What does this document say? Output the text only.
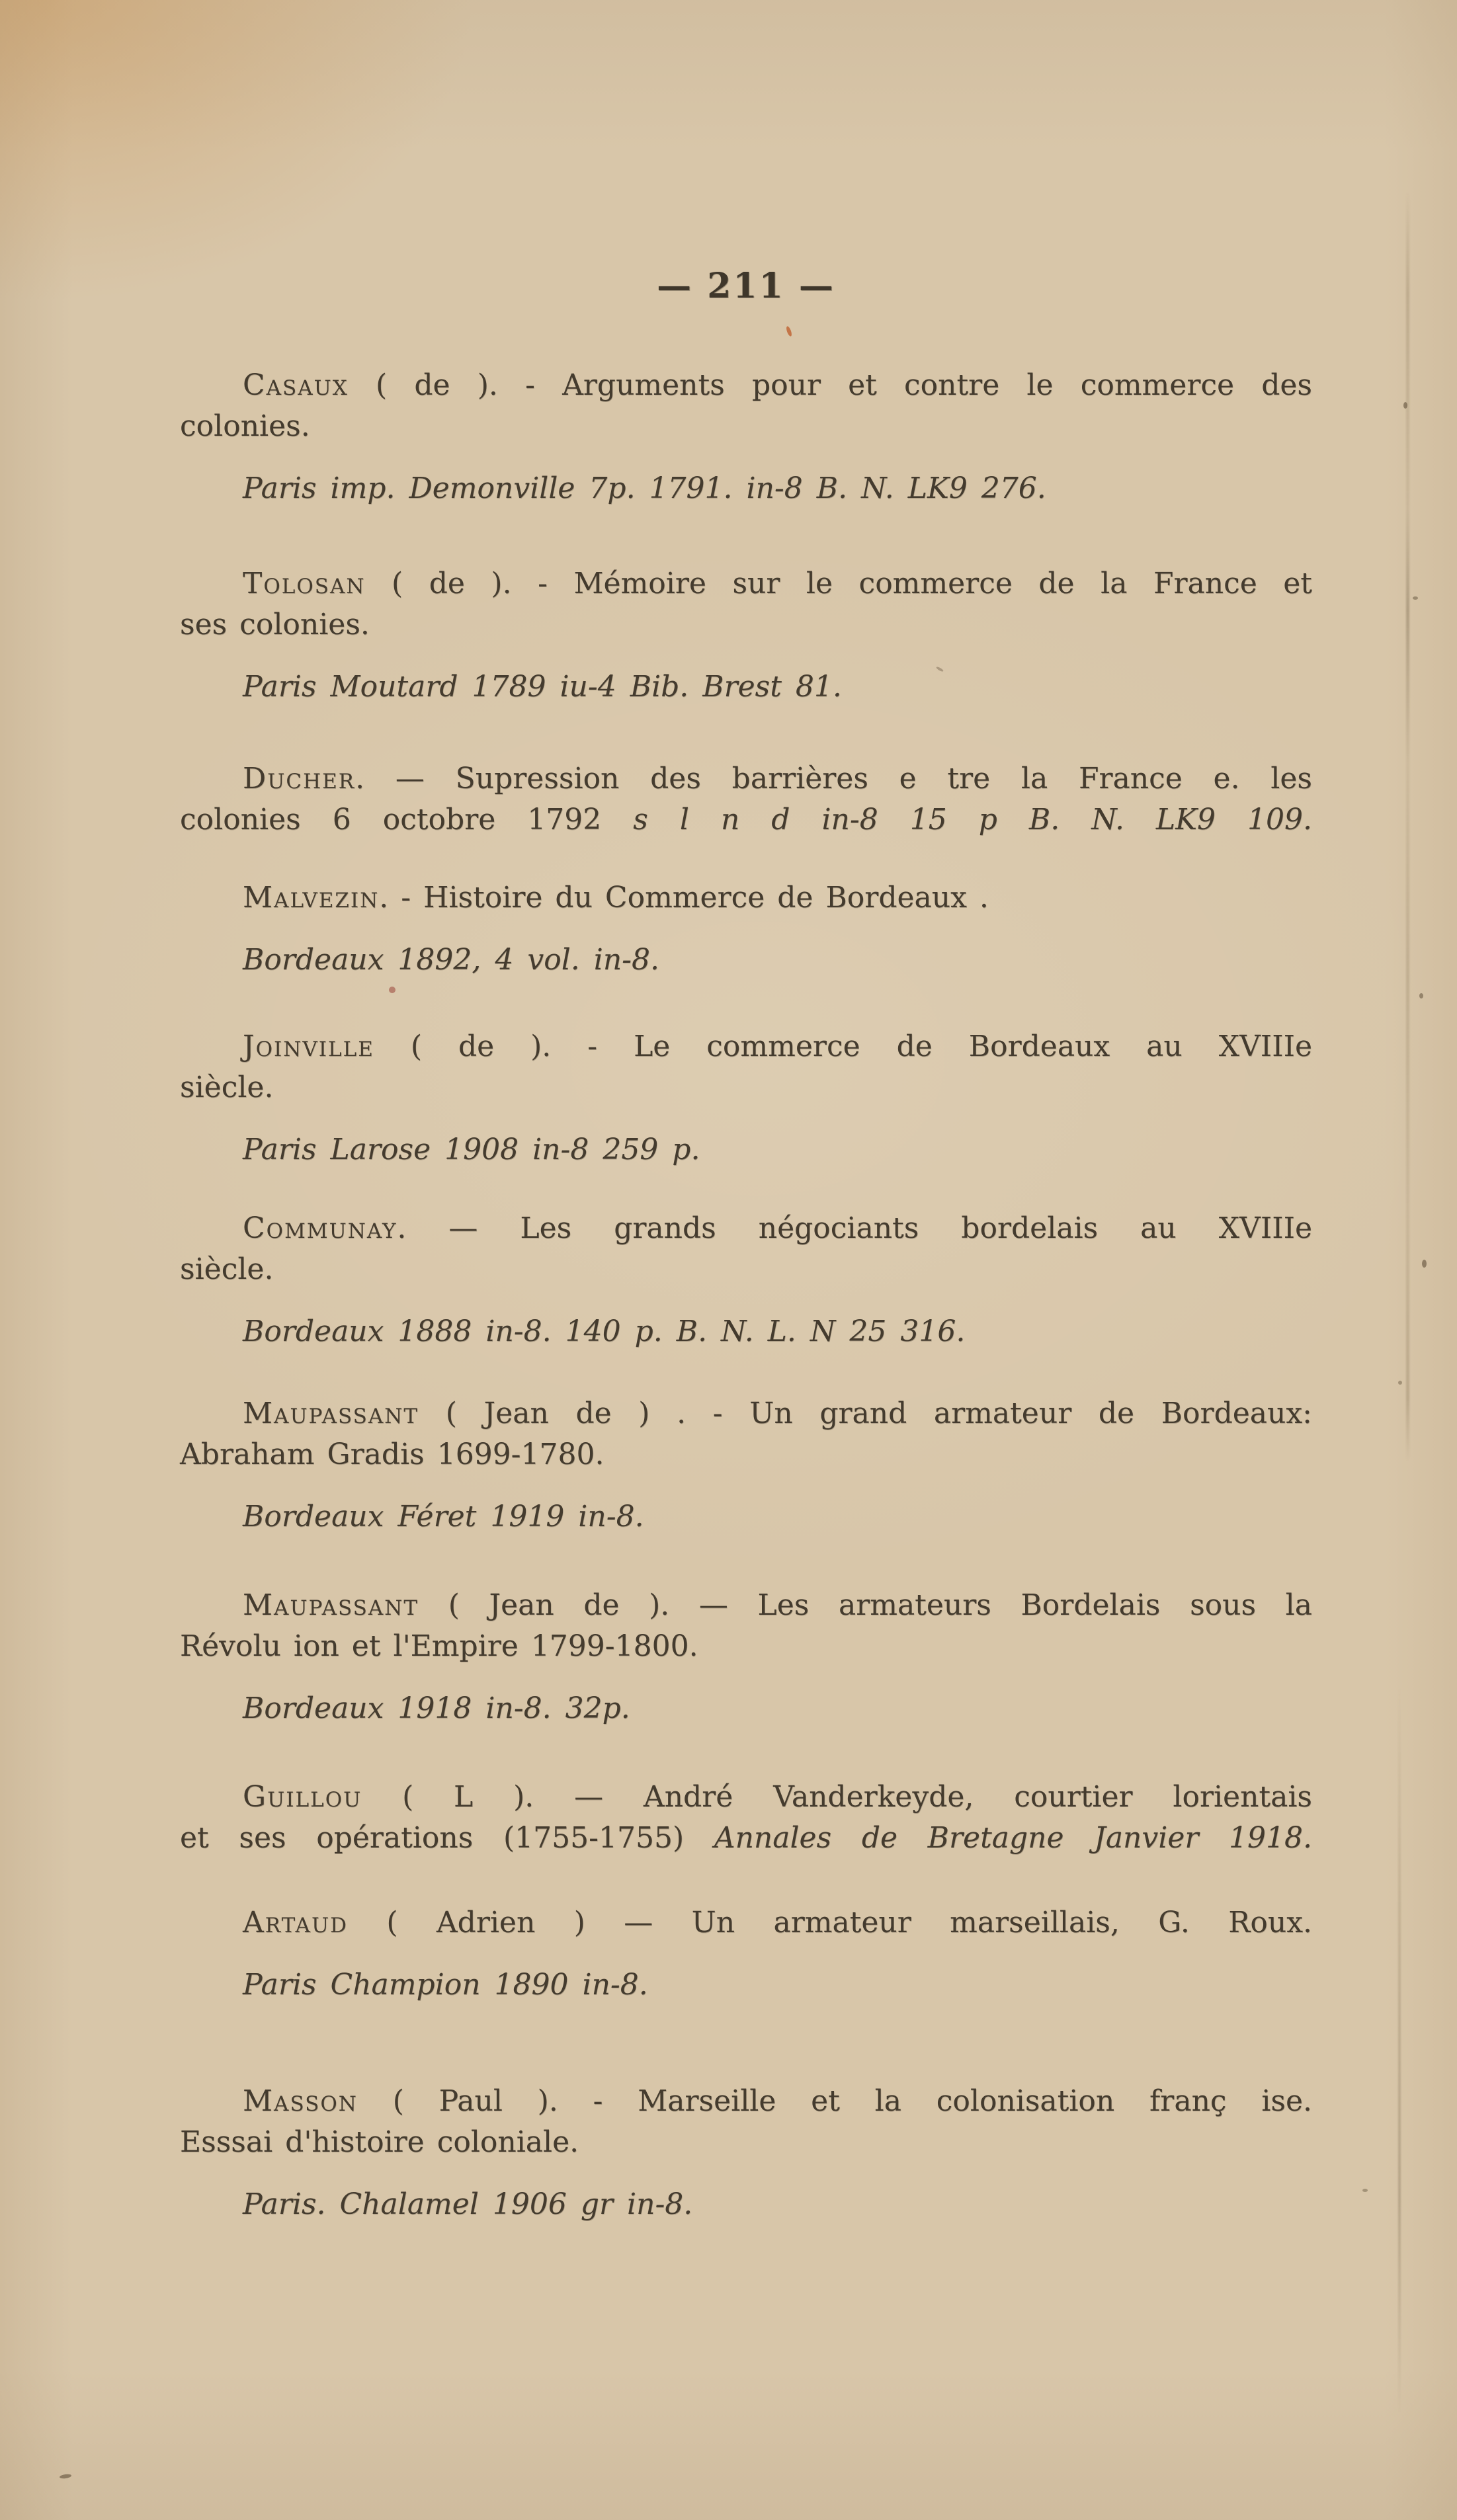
— 211 —
Casaux ( de ). - Arguments pour et contre le commerce des
colonies.
Paris imp. Demonville 7p. 1791. in-8 B. N. LK9 276.
Tolosan ( de ). - Mémoire sur le commerce de la France et
ses colonies.
Paris Moutard 1789 iu-4 Bib. Brest 81.
Ducher. — Supression des barrières e tre la France e. les
colonies 6 octobre 1792 s l n d in-8 15 p B. N. LK9 109.
Malvezin. - Histoire du Commerce de Bordeaux .
Bordeaux 1892, 4 vol. in-8.
Joinville ( de ). - Le commerce de Bordeaux au XVIIIe
siècle.
Paris Larose 1908 in-8 259 p.
Communay. — Les grands négociants bordelais au XVIIIe
siècle.
Bordeaux 1888 in-8. 140 p. B. N. L. N 25 316.
Maupassant ( Jean de ) . - Un grand armateur de Bordeaux:
Abraham Gradis 1699-1780.
Bordeaux Féret 1919 in-8.
Maupassant ( Jean de ). — Les armateurs Bordelais sous la
Révolu ion et l'Empire 1799-1800.
Bordeaux 1918 in-8. 32p.
Guillou ( L ). — André Vanderkeyde, courtier lorientais
et ses opérations (1755-1755) Annales de Bretagne Janvier 1918.
Artaud ( Adrien ) — Un armateur marseillais, G. Roux.
Paris Champion 1890 in-8.
Masson ( Paul ). - Marseille et la colonisation franç ise.
Esssai d'histoire coloniale.
Paris. Chalamel 1906 gr in-8.
